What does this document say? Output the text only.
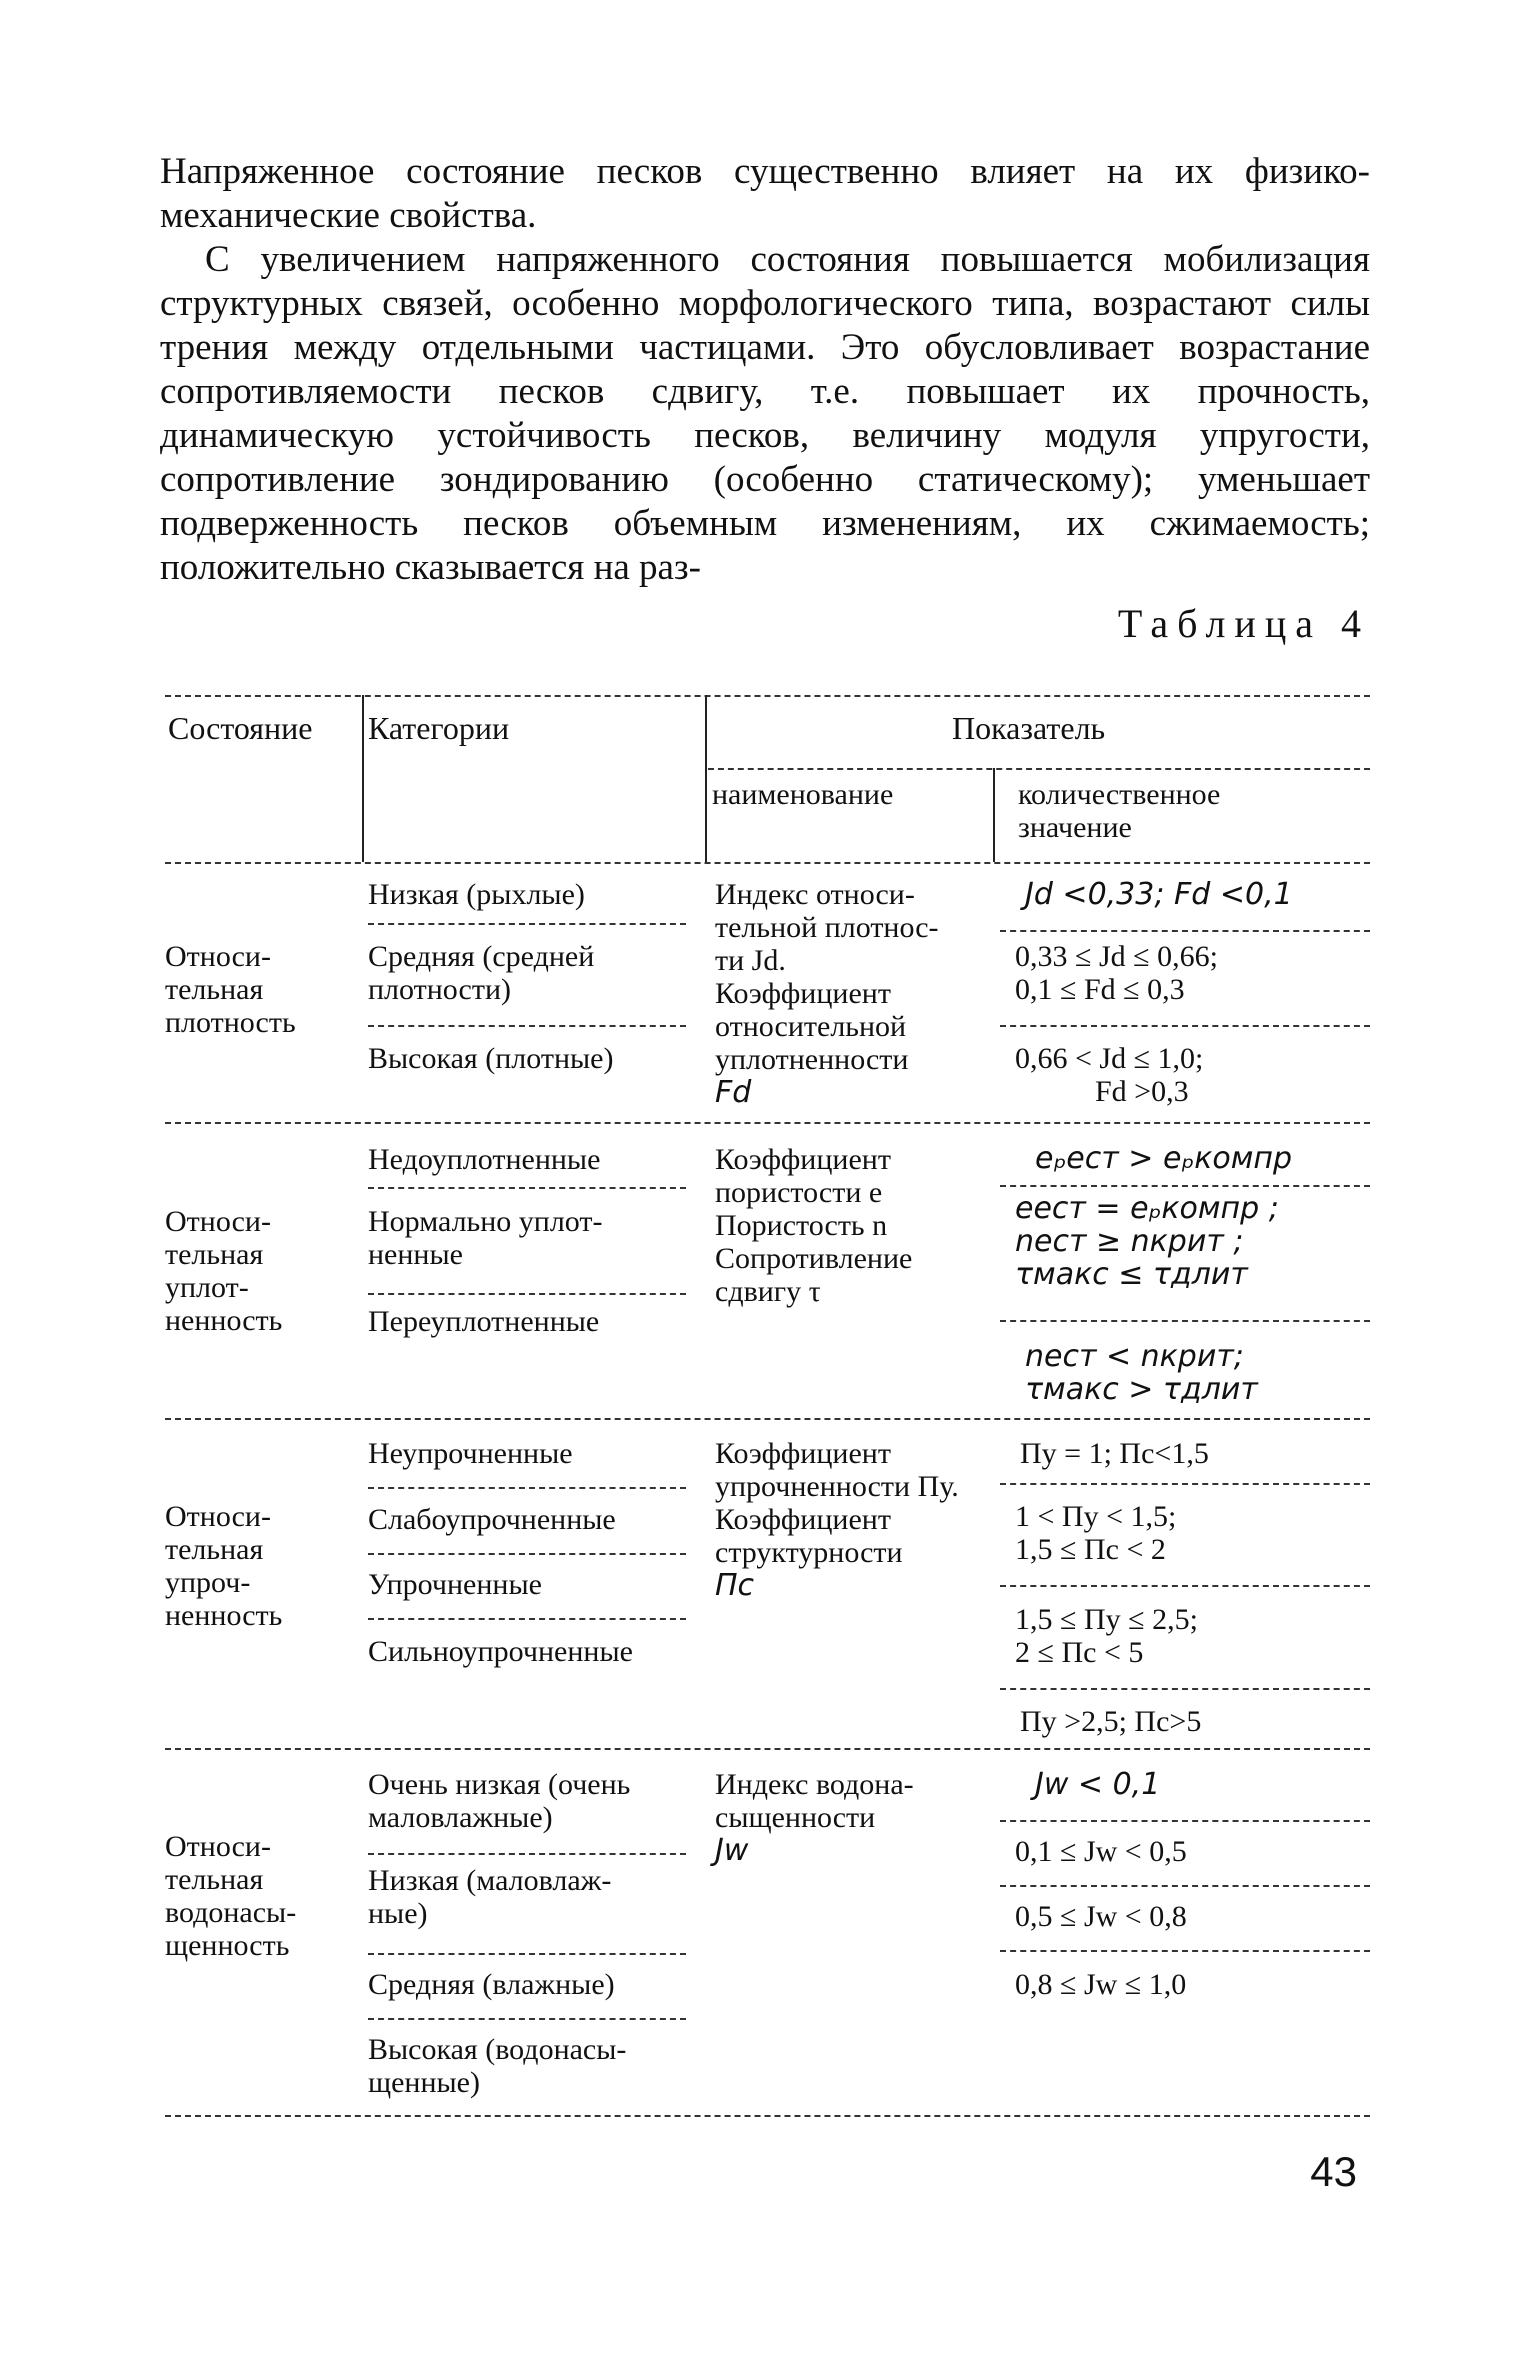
Напряженное состояние песков существенно влияет на их физико-механические свойства.

С увеличением напряженного состояния повышается мобилизация структурных связей, особенно морфологического типа, возрастают силы трения между отдельными частицами. Это обусловливает возрастание сопротивляемости песков сдвигу, т.е. повышает их прочность, динамическую устойчивость песков, величину модуля упругости, сопротивление зондированию (особенно статическому); уменьшает подверженность песков объемным изменениям, их сжимаемость; положительно сказывается на раз-

Таблица 4
Состояние Категории	Показатель
наименование	количественное
значение
Относи-
тельная
плотность
Низкая (рыхлые)
Средняя (средней
плотности)
Высокая (плотные)
Индекс относи-
тельной плотнос-
ти Jd.
Коэффициент
относительной
уплотненности
Fd
Jd <0,33; Fd <0,1
0,33 ≤ Jd ≤ 0,66;
0,1 ≤ Fd ≤ 0,3
0,66 < Jd ≤ 1,0;
Fd >0,3
Относи-
тельная
уплот-
ненность
Недоуплотненные
Нормально уплот-
ненные
Переуплотненные
Коэффициент
пористости e
Пористость n
Сопротивление
сдвигу τ
eₚест > eₚкомпр
eест = eₚкомпр ;
nест ≥ nкрит ;
τмакс ≤ τдлит
nест < nкрит;
τмакс > τдлит
Относи-
тельная
упроч-
ненность
Неупрочненные
Слабоупрочненные
Упрочненные
Сильноупрочненные
Коэффициент
упрочненности Пу.
Коэффициент
структурности
Пс
Пу = 1; Пс<1,5
1 < Пу < 1,5;
1,5 ≤ Пс < 2
1,5 ≤ Пу ≤ 2,5;
2 ≤ Пс < 5
Пу >2,5; Пс>5
Относи-
тельная
водонасы-
щенность
Очень низкая (очень
маловлажные)
Низкая (маловлаж-
ные)
Средняя (влажные)
Высокая (водонасы-
щенные)
Индекс водона-
сыщенности
Jw
Jw < 0,1
0,1 ≤ Jw < 0,5
0,5 ≤ Jw < 0,8
0,8 ≤ Jw ≤ 1,0
43
